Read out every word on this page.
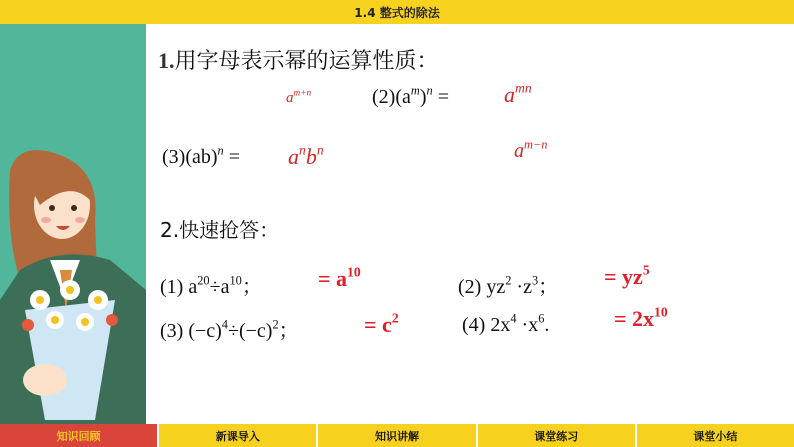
1.4 整式的除法
1.用字母表示幂的运算性质：
$a^{m+n}$	$(2)(a^m)^n$ =	$a^{mn}$
$(3)(ab)^n = a^nb^n$	$a^{m-n}$
2.快速抢答：
(1) $a^{20}\div a^{10}$；	= $a^{10}$
(2) $yz^2 \cdot z^3$； = $yz^5$
(3) $(-c)^4\div(-c)^2$；	= $c^2$	(4) $2x^4 \cdot x^6$.	= $2x^{10}$
知识回顾	新课导入	知识讲解	课堂练习	课堂小结
